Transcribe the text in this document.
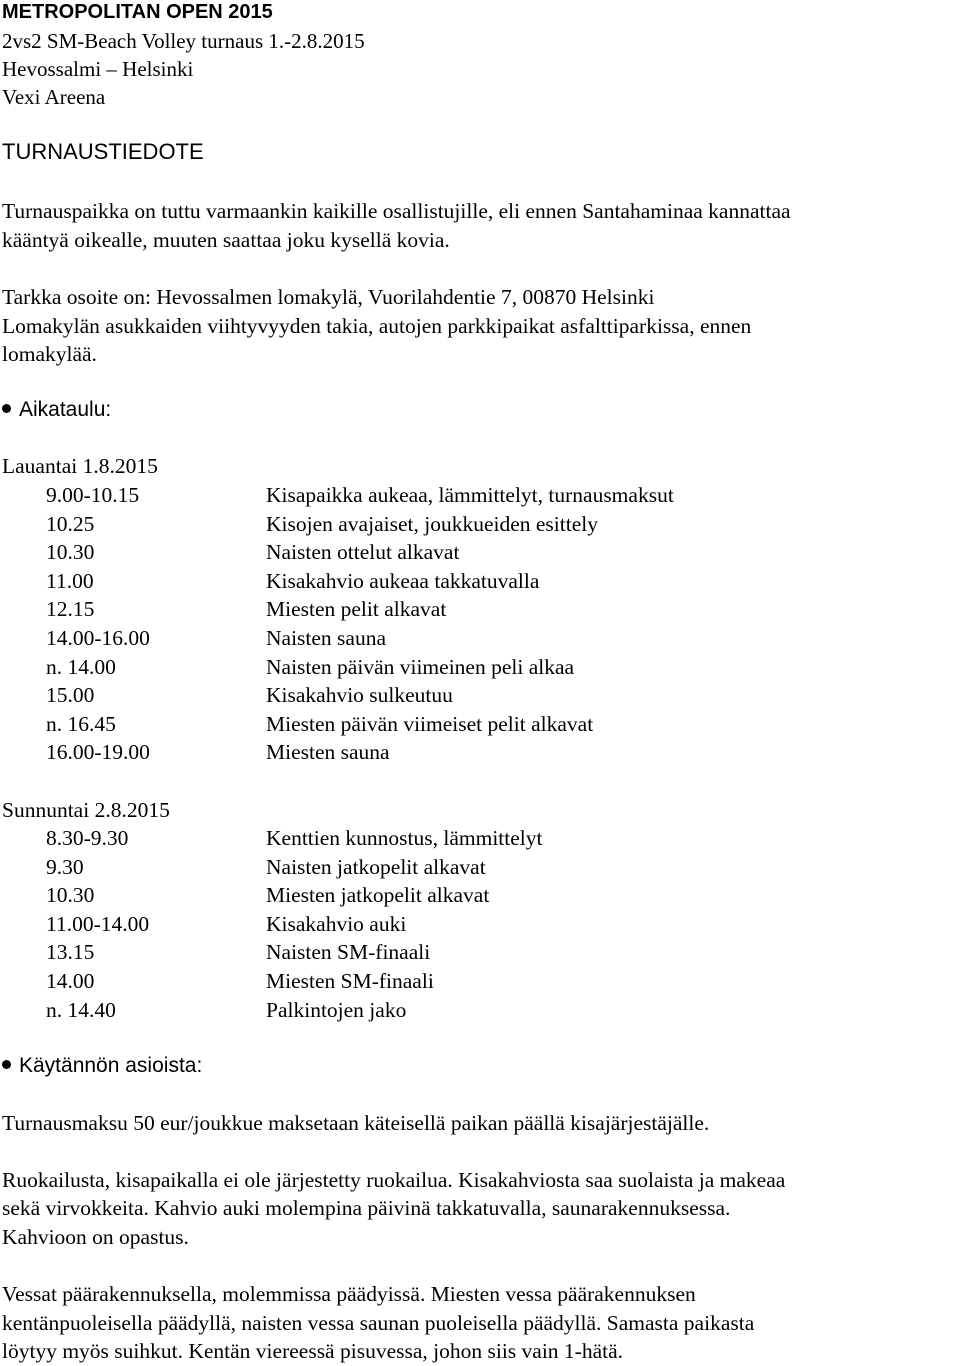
METROPOLITAN OPEN 2015
2vs2 SM-Beach Volley turnaus 1.-2.8.2015
Hevossalmi – Helsinki
Vexi Areena
TURNAUSTIEDOTE
Turnauspaikka on tuttu varmaankin kaikille osallistujille, eli ennen Santahaminaa kannattaa
kääntyä oikealle, muuten saattaa joku kysellä kovia.
Tarkka osoite on: Hevossalmen lomakylä, Vuorilahdentie 7, 00870 Helsinki
Lomakylän asukkaiden viihtyvyyden takia, autojen parkkipaikat asfalttiparkissa, ennen
lomakylää.
Aikataulu:
Lauantai 1.8.2015
9.00-10.15	Kisapaikka aukeaa, lämmittelyt, turnausmaksut
10.25	Kisojen avajaiset, joukkueiden esittely
10.30	Naisten ottelut alkavat
11.00	Kisakahvio aukeaa takkatuvalla
12.15	Miesten pelit alkavat
14.00-16.00	Naisten sauna
n. 14.00	Naisten päivän viimeinen peli alkaa
15.00	Kisakahvio sulkeutuu
n. 16.45	Miesten päivän viimeiset pelit alkavat
16.00-19.00	Miesten sauna
Sunnuntai 2.8.2015
8.30-9.30	Kenttien kunnostus, lämmittelyt
9.30	Naisten jatkopelit alkavat
10.30	Miesten jatkopelit alkavat
11.00-14.00	Kisakahvio auki
13.15	Naisten SM-finaali
14.00	Miesten SM-finaali
n. 14.40	Palkintojen jako
Käytännön asioista:
Turnausmaksu 50 eur/joukkue maksetaan käteisellä paikan päällä kisajärjestäjälle.
Ruokailusta, kisapaikalla ei ole järjestetty ruokailua. Kisakahviosta saa suolaista ja makeaa
sekä virvokkeita. Kahvio auki molempina päivinä takkatuvalla, saunarakennuksessa.
Kahvioon on opastus.
Vessat päärakennuksella, molemmissa päädyissä. Miesten vessa päärakennuksen
kentänpuoleisella päädyllä, naisten vessa saunan puoleisella päädyllä. Samasta paikasta
löytyy myös suihkut. Kentän viereessä pisuvessa, johon siis vain 1-hätä.
